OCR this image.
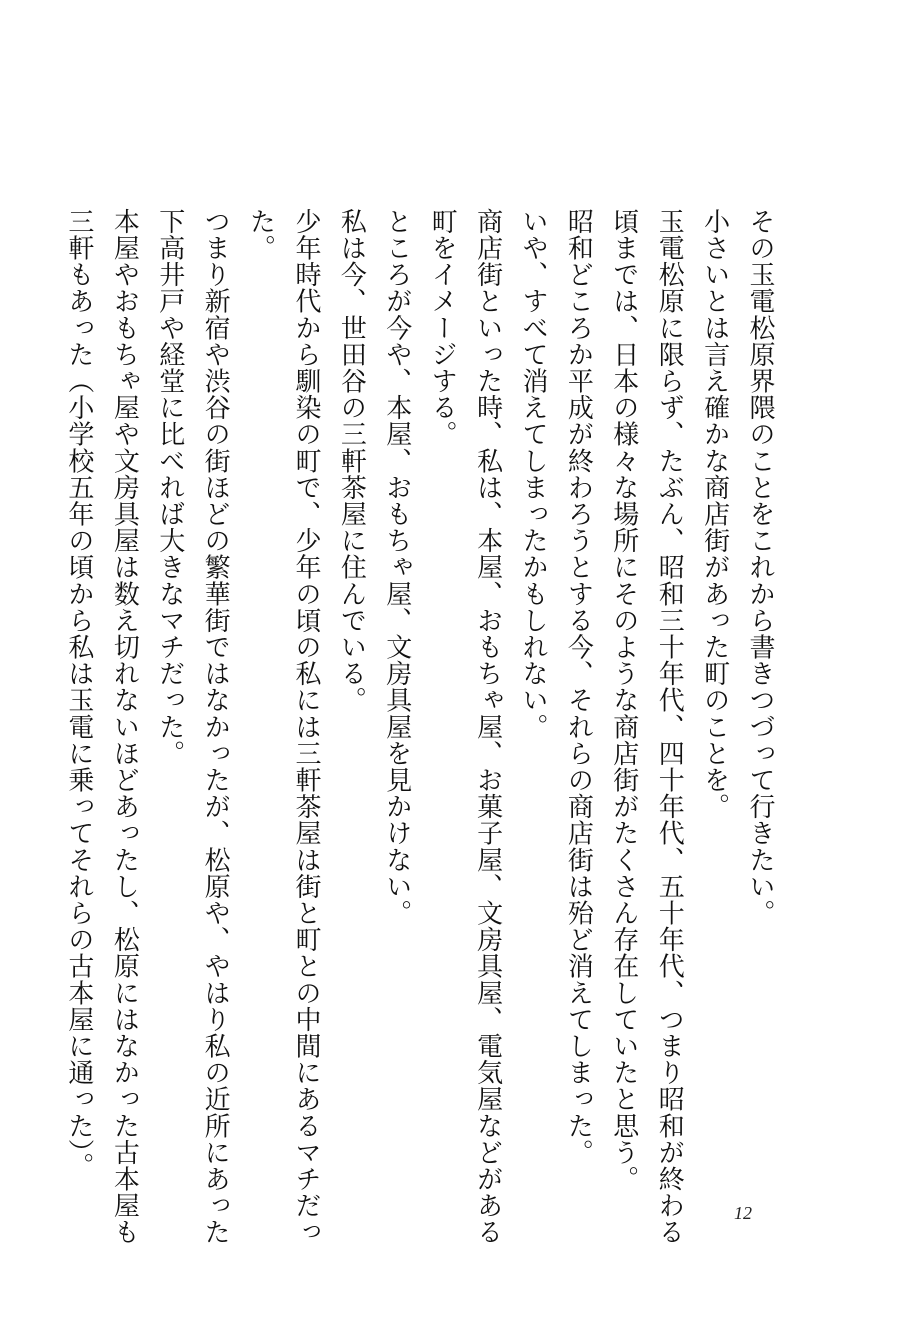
その玉電松原界隈のことをこれから書きつづって行きたい。

小さいとは言え確かな商店街があった町のことを。

玉電松原に限らず、たぶん、昭和三十年代、四十年代、五十年代、つまり昭和が終わる
頃までは、日本の様々な場所にそのような商店街がたくさん存在していたと思う。

昭和どころか平成が終わろうとする今、それらの商店街は殆ど消えてしまった。

いや、すべて消えてしまったかもしれない。

商店街といった時、私は、本屋、おもちゃ屋、お菓子屋、文房具屋、電気屋などがある
町をイメージする。

ところが今や、本屋、おもちゃ屋、文房具屋を見かけない。

私は今、世田谷の三軒茶屋に住んでいる。

少年時代から馴染の町で、少年の頃の私には三軒茶屋は街と町との中間にあるマチだっ
た。

つまり新宿や渋谷の街ほどの繁華街ではなかったが、松原や、やはり私の近所にあった
下高井戸や経堂に比べれば大きなマチだった。

本屋やおもちゃ屋や文房具屋は数え切れないほどあったし、松原にはなかった古本屋も
三軒もあった（小学校五年の頃から私は玉電に乗ってそれらの古本屋に通った）。

12
